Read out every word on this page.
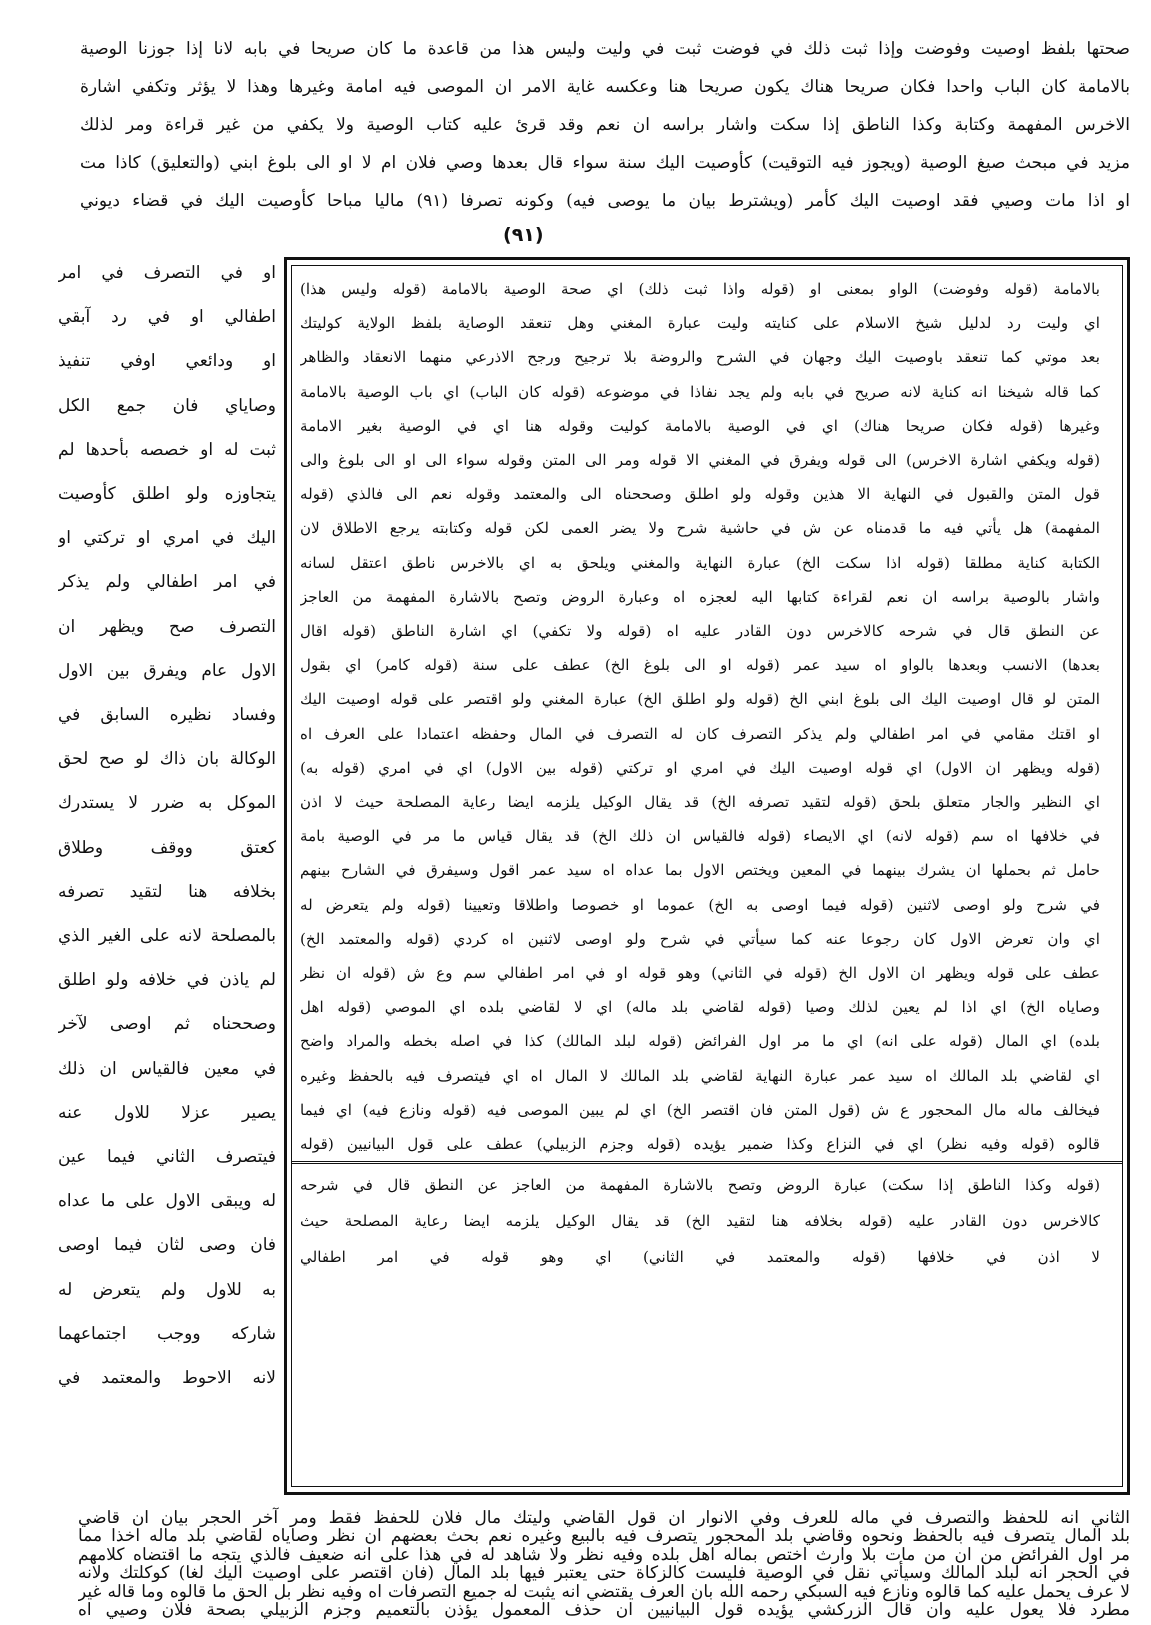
صحتها بلفظ اوصيت وفوضت وإذا ثبت ذلك في فوضت ثبت في وليت وليس هذا من قاعدة ما كان صريحا في بابه لانا إذا جوزنا الوصية
بالامامة كان الباب واحدا فكان صريحا هناك يكون صريحا هنا وعكسه غاية الامر ان الموصى فيه امامة وغيرها وهذا لا يؤثر وتكفي اشارة
الاخرس المفهمة وكتابة وكذا الناطق إذا سكت واشار براسه ان نعم وقد قرئ عليه كتاب الوصية ولا يكفي من غير قراءة ومر لذلك
مزيد في مبحث صيغ الوصية (ويجوز فيه التوقيت) كأوصيت اليك سنة سواء قال بعدها وصي فلان ام لا او الى بلوغ ابني (والتعليق) كاذا مت
او اذا مات وصيي فقد اوصيت اليك كأمر (ويشترط بيان ما يوصى فيه) وكونه تصرفا (٩١) ماليا مباحا كأوصيت اليك في قضاء ديوني
(٩١)
او في التصرف في امر
اطفالي او في رد آبقي
او ودائعي اوفي تنفيذ
وصاياي فان جمع الكل
ثبت له او خصصه بأحدها لم
يتجاوزه ولو اطلق كأوصيت
اليك في امري او تركتي او
في امر اطفالي ولم يذكر
التصرف صح ويظهر ان
الاول عام ويفرق بين الاول
وفساد نظيره السابق في
الوكالة بان ذاك لو صح لحق
الموكل به ضرر لا يستدرك
كعتق ووقف وطلاق
بخلافه هنا لتقيد تصرفه
بالمصلحة لانه على الغير الذي
لم ياذن في خلافه ولو اطلق
وصححناه ثم اوصى لآخر
في معين فالقياس ان ذلك
يصير عزلا للاول عنه
فيتصرف الثاني فيما عين
له ويبقى الاول على ما عداه
فان وصى لثان فيما اوصى
به للاول ولم يتعرض له
شاركه ووجب اجتماعهما
لانه الاحوط والمعتمد في
بالامامة (قوله وفوضت) الواو بمعنى او (قوله واذا ثبت ذلك) اي صحة الوصية بالامامة (قوله وليس هذا)
اي وليت رد لدليل شيخ الاسلام على كنايته وليت عبارة المغني وهل تنعقد الوصاية بلفظ الولاية كوليتك
بعد موتي كما تنعقد باوصيت اليك وجهان في الشرح والروضة بلا ترجيح ورجح الاذرعي منهما الانعقاد والظاهر
كما قاله شيخنا انه كناية لانه صريح في بابه ولم يجد نفاذا في موضوعه (قوله كان الباب) اي باب الوصية بالامامة
وغيرها (قوله فكان صريحا هناك) اي في الوصية بالامامة كوليت وقوله هنا اي في الوصية بغير الامامة
(قوله ويكفي اشارة الاخرس) الى قوله ويفرق في المغني الا قوله ومر الى المتن وقوله سواء الى او الى بلوغ والى
قول المتن والقبول في النهاية الا هذين وقوله ولو اطلق وصححناه الى والمعتمد وقوله نعم الى فالذي (قوله
المفهمة) هل يأتي فيه ما قدمناه عن ش في حاشية شرح ولا يضر العمى لكن قوله وكتابته يرجع الاطلاق لان
الكتابة كناية مطلقا (قوله اذا سكت الخ) عبارة النهاية والمغني ويلحق به اي بالاخرس ناطق اعتقل لسانه
واشار بالوصية براسه ان نعم لقراءة كتابها اليه لعجزه اه وعبارة الروض وتصح بالاشارة المفهمة من العاجز
عن النطق قال في شرحه كالاخرس دون القادر عليه اه (قوله ولا تكفي) اي اشارة الناطق (قوله اقال
بعدها) الانسب وبعدها بالواو اه سيد عمر (قوله او الى بلوغ الخ) عطف على سنة (قوله كامر) اي بقول
المتن لو قال اوصيت اليك الى بلوغ ابني الخ (قوله ولو اطلق الخ) عبارة المغني ولو اقتصر على قوله اوصيت اليك
او اقتك مقامي في امر اطفالي ولم يذكر التصرف كان له التصرف في المال وحفظه اعتمادا على العرف اه
(قوله ويظهر ان الاول) اي قوله اوصيت اليك في امري او تركتي (قوله بين الاول) اي في امري (قوله به)
اي النظير والجار متعلق بلحق (قوله لتقيد تصرفه الخ) قد يقال الوكيل يلزمه ايضا رعاية المصلحة حيث لا اذن
في خلافها اه سم (قوله لانه) اي الايصاء (قوله فالقياس ان ذلك الخ) قد يقال قياس ما مر في الوصية بامة
حامل ثم بحملها ان يشرك بينهما في المعين ويختص الاول بما عداه اه سيد عمر اقول وسيفرق في الشارح بينهم
في شرح ولو اوصى لاثنين (قوله فيما اوصى به الخ) عموما او خصوصا واطلاقا وتعيينا (قوله ولم يتعرض له
اي وان تعرض الاول كان رجوعا عنه كما سيأتي في شرح ولو اوصى لاثنين اه كردي (قوله والمعتمد الخ)
عطف على قوله ويظهر ان الاول الخ (قوله في الثاني) وهو قوله او في امر اطفالي سم وع ش (قوله ان نظر
وصاياه الخ) اي اذا لم يعين لذلك وصيا (قوله لقاضي بلد ماله) اي لا لقاضي بلده اي الموصي (قوله اهل
بلده) اي المال (قوله على انه) اي ما مر اول الفرائض (قوله لبلد المالك) كذا في اصله بخطه والمراد واضح
اي لقاضي بلد المالك اه سيد عمر عبارة النهاية لقاضي بلد المالك لا المال اه اي فيتصرف فيه بالحفظ وغيره
فيخالف ماله مال المحجور ع ش (قول المتن فان اقتصر الخ) اي لم يبين الموصى فيه (قوله ونازع فيه) اي فيما
قالوه (قوله وفيه نظر) اي في النزاع وكذا ضمير يؤيده (قوله وجزم الزبيلي) عطف على قول البيانيين (قوله
(قوله وكذا الناطق إذا سكت) عبارة الروض وتصح بالاشارة المفهمة من العاجز عن النطق قال في شرحه
كالاخرس دون القادر عليه (قوله بخلافه هنا لتقيد الخ) قد يقال الوكيل يلزمه ايضا رعاية المصلحة حيث
لا اذن في خلافها (قوله والمعتمد في الثاني) اي وهو قوله في امر اطفالي
الثاني انه للحفظ والتصرف في ماله للعرف وفي الانوار ان قول القاضي وليتك مال فلان للحفظ فقط ومر آخر الحجر بيان ان قاضي
بلد المال يتصرف فيه بالحفظ ونحوه وقاضي بلد المحجور يتصرف فيه بالبيع وغيره نعم بحث بعضهم ان نظر وصاياه لقاضي بلد ماله اخذا مما
مر اول الفرائض من ان من مات بلا وارث اختص بماله اهل بلده وفيه نظر ولا شاهد له في هذا على انه ضعيف فالذي يتجه ما اقتضاه كلامهم
في الحجر انه لبلد المالك وسيأتي نقل في الوصية فليست كالزكاة حتى يعتبر فيها بلد المال (فان اقتصر على اوصيت اليك لغا) كوكلتك ولانه
لا عرف يحمل عليه كما قالوه ونازع فيه السبكي رحمه الله بان العرف يقتضي انه يثبت له جميع التصرفات اه وفيه نظر بل الحق ما قالوه وما قاله غير
مطرد فلا يعول عليه وان قال الزركشي يؤيده قول البيانيين ان حذف المعمول يؤذن بالتعميم وجزم الزبيلي بصحة فلان وصيي اه
